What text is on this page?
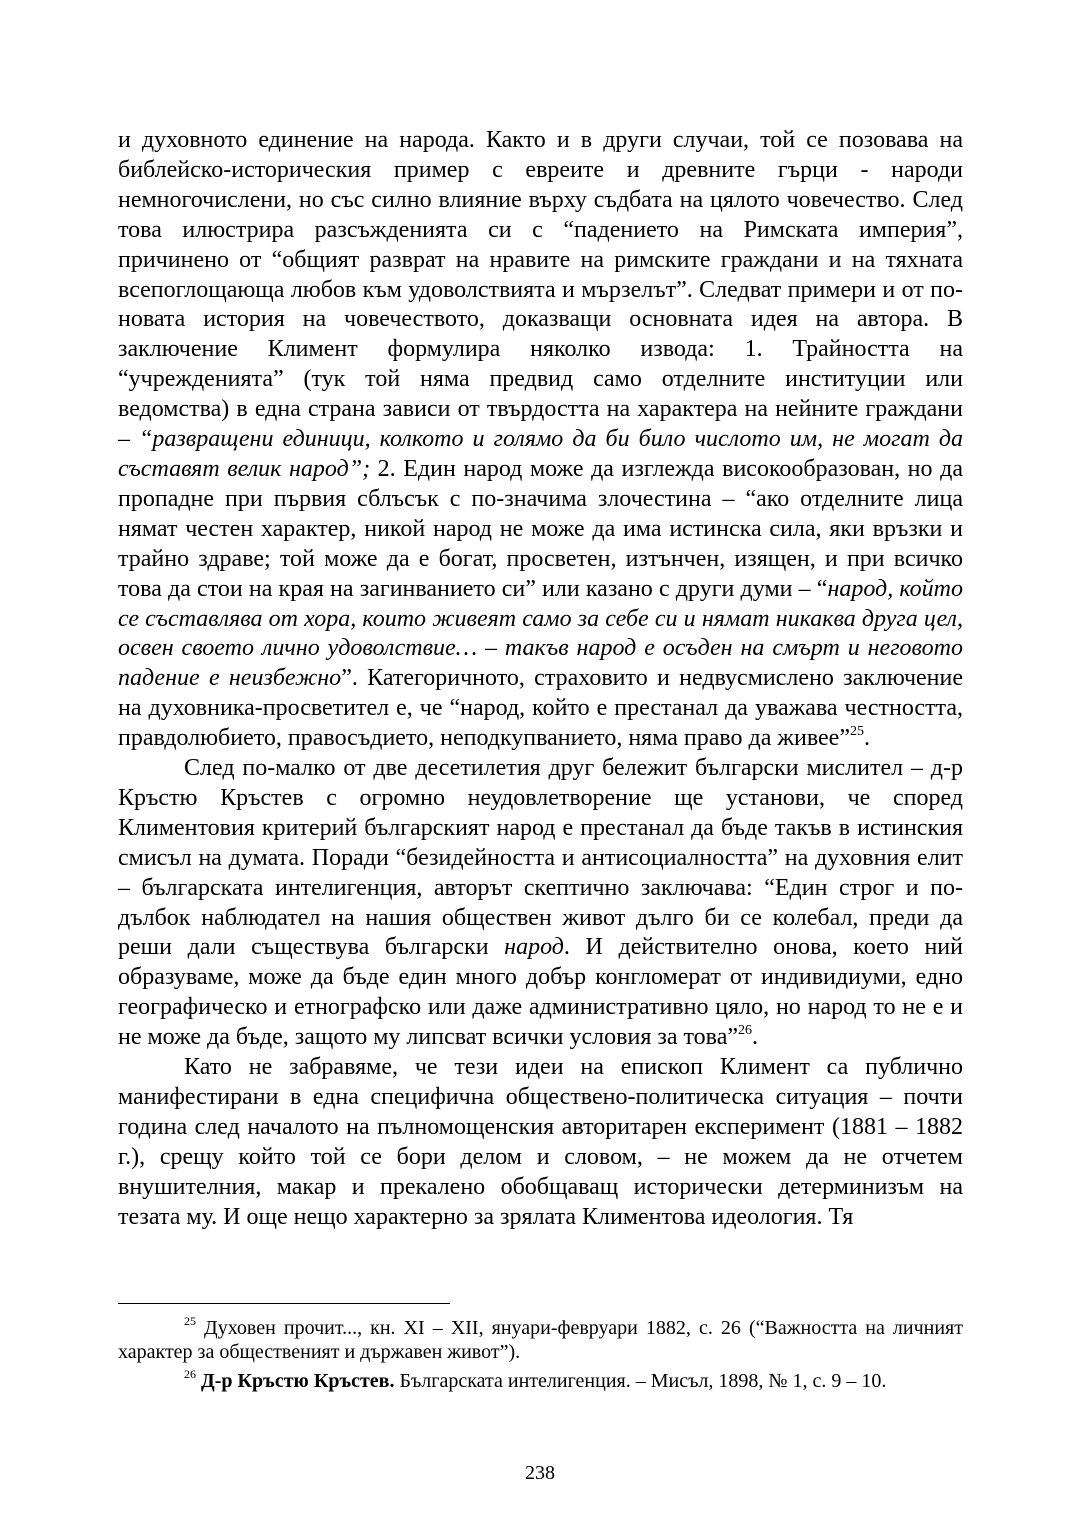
и духовното единение на народа. Както и в други случаи, той се позовава на библейско-историческия пример с евреите и древните гърци - народи немногочислени, но със силно влияние върху съдбата на цялото човечество. След това илюстрира разсъжденията си с “падението на Римската империя”, причинено от “общият разврат на нравите на римските граждани и на тяхната всепоглощающа любов към удоволствията и мързелът”. Следват примери и от по-новата история на човечеството, доказващи основната идея на автора. В заключение Климент формулира няколко извода: 1. Трайността на “учрежденията” (тук той няма предвид само отделните институции или ведомства) в една страна зависи от твърдостта на характера на нейните граждани – “развращени единици, колкото и голямо да би било числото им, не могат да съставят велик народ”; 2. Един народ може да изглежда високообразован, но да пропадне при първия сблъсък с по-значима злочестина – “ако отделните лица нямат честен характер, никой народ не може да има истинска сила, яки връзки и трайно здраве; той може да е богат, просветен, изтънчен, изящен, и при всичко това да стои на края на загинванието си” или казано с други думи – “народ, който се съставлява от хора, които живеят само за себе си и нямат никаква друга цел, освен своето лично удоволствие… – такъв народ е осъден на смърт и неговото падение е неизбежно”. Категоричното, страховито и недвусмислено заключение на духовника-просветител е, че “народ, който е престанал да уважава честността, правдолюбието, правосъдието, неподкупванието, няма право да живее”$^{25}$.

След по-малко от две десетилетия друг бележит български мислител – д-р Кръстю Кръстев с огромно неудовлетворение ще установи, че според Климентовия критерий българският народ е престанал да бъде такъв в истинския смисъл на думата. Поради “безидейността и антисоциалността” на духовния елит – българската интелигенция, авторът скептично заключава: “Един строг и по-дълбок наблюдател на нашия обществен живот дълго би се колебал, преди да реши дали съществува български народ. И действително онова, което ний образуваме, може да бъде един много добър конгломерат от индивидиуми, едно географическо и етнографско или даже административно цяло, но народ то не е и не може да бъде, защото му липсват всички условия за това”$^{26}$.

Като не забравяме, че тези идеи на епископ Климент са публично манифестирани в една специфична обществено-политическа ситуация – почти година след началото на пълномощенския авторитарен експеримент (1881 – 1882 г.), срещу който той се бори делом и словом, – не можем да не отчетем внушителния, макар и прекалено обобщаващ исторически детерминизъм на тезата му. И още нещо характерно за зрялата Климентова идеология. Тя

$^{25}$ Духовен прочит..., кн. XI – XII, януари-февруари 1882, с. 26 (“Важността на личният характер за общественият и държавен живот”).

$^{26}$ Д-р Кръстю Кръстев. Българската интелигенция. – Мисъл, 1898, № 1, с. 9 – 10.

238
